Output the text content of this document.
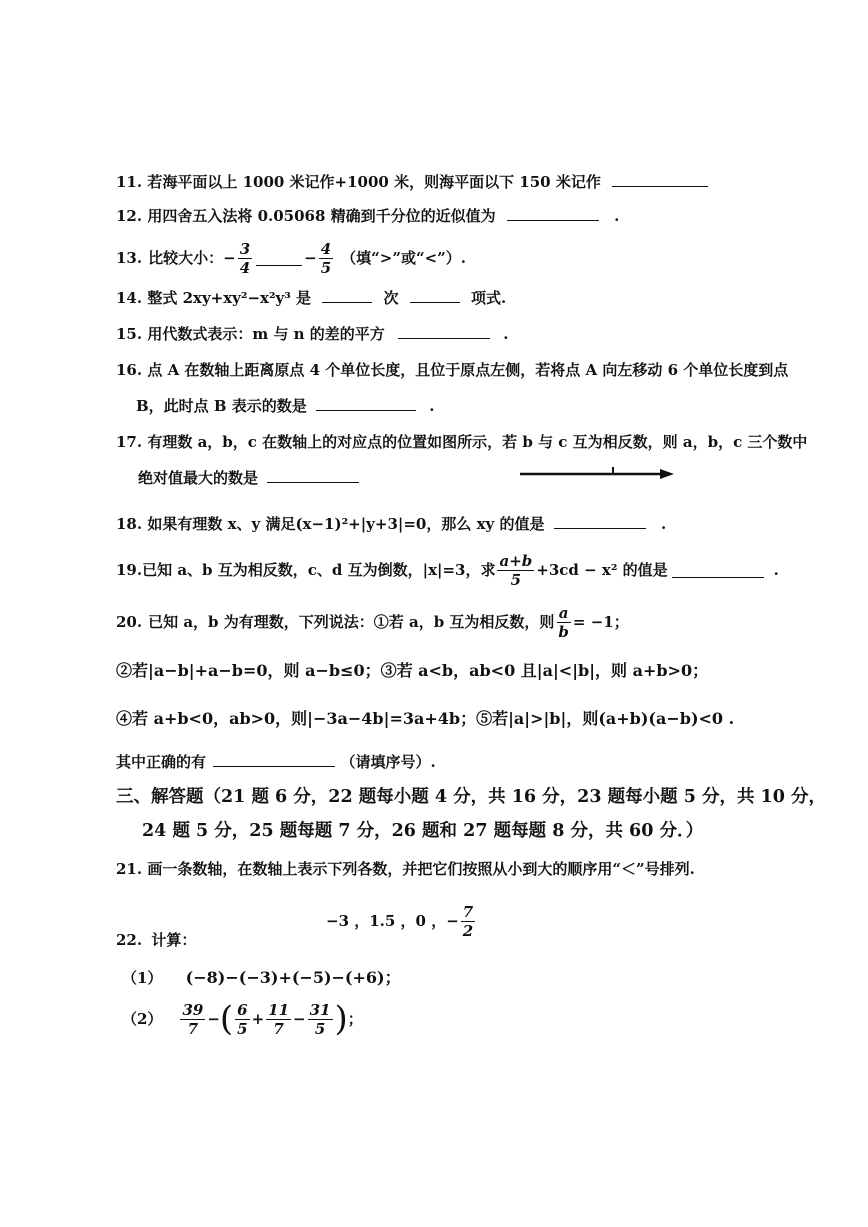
11. 若海平面以上 1000 米记作+1000 米，则海平面以下 150 米记作
12. 用四舍五入法将 0.05068 精确到千分位的近似值为	.
13. 比较大小： − $\frac{3}{4}$	− $\frac{4}{5}$ （填“>”或“<”）.
14. 整式 2xy+xy²−x²y³ 是	次	项式.
15. 用代数式表示：m 与 n 的差的平方	.
16. 点 A 在数轴上距离原点 4 个单位长度，且位于原点左侧，若将点 A 向左移动 6 个单位长度到点
B，此时点 B 表示的数是	.
17. 有理数 a，b，c 在数轴上的对应点的位置如图所示，若 b 与 c 互为相反数，则 a，b，c 三个数中
绝对值最大的数是
18. 如果有理数 x、y 满足(x−1)²+|y+3|=0，那么 xy 的值是	.
19. 已知 a、b 互为相反数，c、d 互为倒数，|x|=3，求 $\frac{a+b}{5} +3cd - x^2$ 的值是	.
20. 已知 a，b 为有理数，下列说法：①若 a，b 互为相反数，则 $\frac{a}{b} = -1$；
②若|a−b|+a−b=0，则 a−b≤0；③若 a<b，ab<0 且|a|<|b|，则 a+b>0；
④若 a+b<0，ab>0，则|−3a−4b|=3a+4b；⑤若|a|>|b|，则(a+b)(a−b)<0 .
其中正确的有	（请填序号）.
三、解答题（21 题 6 分，22 题每小题 4 分，共 16 分，23 题每小题 5 分，共 10 分，
24 题 5 分，25 题每题 7 分，26 题和 27 题每题 8 分，共 60 分．）
21. 画一条数轴，在数轴上表示下列各数，并把它们按照从小到大的顺序用“＜”号排列.
−3 ，1.5 ，0 ，− $\frac{7}{2}$
22. 计算：
（1） (−8)−(−3)+(−5)−(+6)；
$(2) \frac{39}{7}$ − ( $\frac{6}{5} + \frac{11}{7} - \frac{31}{5}$ ) ；
